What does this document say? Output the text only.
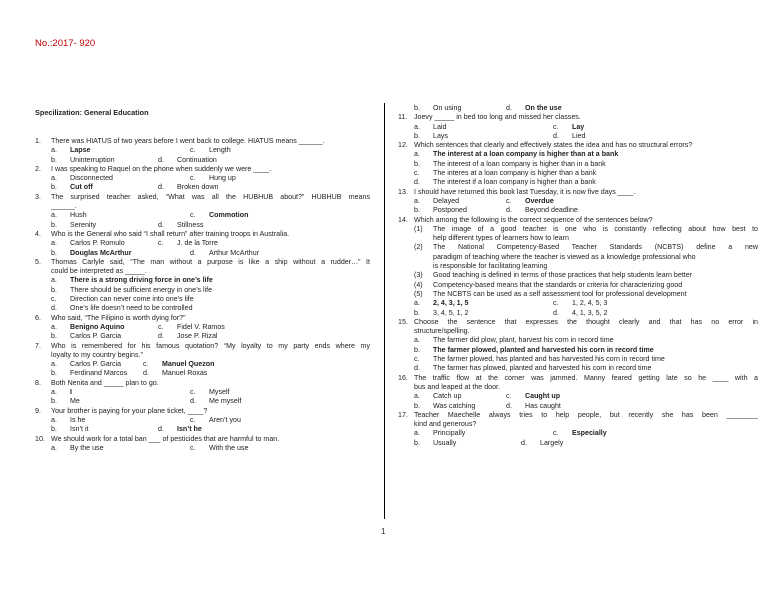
No.:2017- 920
Specilization: General Education
1.	There was HIATUS of two years before I went back to college. HIATUS means ______.
a.	Lapse	c.	Length
b.	Uninterruption	d.	Continuation
2.	I was speaking to Raquel on the phone when suddenly we were ____.
a.	Disconnected	c.	Hung up
b.	Cut off	d.	Broken down
3.	The surprised teacher asked, “What was all the HUBHUB about?” HUBHUB means
______.
a.	Hush	c.	Commotion
b.	Serenity	d.	Stillness
4.	Who is the General who said “I shall return” after training troops in Australia.
a.	Carlos P. Romulo	c.	J. de la Torre
b.	Douglas McArthur	d.	Arthur McArthur
5.	Thomas Carlyle said, “The man without a purpose is like a ship without a rudder…” It
could be interpreted as _____.
a.	There is a strong driving force in one’s life
b.	There should be sufficient energy in one’s life
c.	Direction can never come into one’s life
d.	One’s life doesn’t need to be controlled
6.	Who said, “The Filipino is worth dying for?”
a.	Benigno Aquino	c.	Fidel V. Ramos
b.	Carlos P. Garcia	d.	Jose P. Rizal
7.	Who is remembered for his famous quotation? “My loyalty to my party ends where my
loyalty to my country begins.”
a.	Carlos P. Garcia	c.	Manuel Quezon
b.	Ferdinand Marcos d.	Manuel Roxas
8.	Both Nenita and _____ plan to go.
a.	I	c.	Myself
b.	Me	d.	Me myself
9.	Your brother is paying for your plane ticket, ____?
a.	Is he	c.	Aren’t you
b.	Isn’t it	d.	Isn’t he
10. We should work for a total ban ___ of pesticides that are harmful to man.
a.	By the use	c.	With the use
b.	On using	d.	On the use
11. Joevy _____ in bed too long and missed her classes.
a.	Laid	c.	Lay
b.	Lays	d.	Lied
12. Which sentences that clearly and effectively states the idea and has no structural errors?
a.	The interest at a loan company is higher than at a bank
b.	The interest of a loan company is higher than in a bank
c.	The interes at a loan company is higher than a bank
d.	The interest if a loan company is higher than a bank
13. I should have returned this book last Tuesday, it is now five days ____.
a.	Delayed	c.	Overdue
b.	Postponed	d.	Beyond deadline
14. Which among the following is the correct sequence of the sentences below?
(1)	The image of a good teacher is one who is constantly reflecting about how best to
help different types of learners how to learn
(2)	The National Competency-Based Teacher Standards (NCBTS) define a new
paradigm of teaching where the teacher is viewed as a knowledge professional who
is responsible for facilitating learning
(3)	Good teaching is defined in terms of those practices that help students learn better
(4)	Competency-based means that the standards or criteria for characterizing good
(5)	The NCBTS can be used as a self assessment tool for professional development
a.	2, 4, 3, 1, 5	c.	1, 2, 4, 5, 3
b.	3, 4, 5, 1, 2	d.	4, 1, 3, 5, 2
15. Choose the sentence that expresses the thought clearly and that has no error in
structure/spelling.
a.	The farmer did plow, plant, harvest his corn in record time
b.	The farmer plowed, planted and harvested his corn in record time
c.	The farmer plowed, has planted and has harvested his corn in record time
d.	The farmer has plowed, planted and harvested his corn in record time
16. The traffic flow at the corner was jammed. Manny feared getting late so he ____ with a
bus and leaped at the door.
a.	Catch up	c.	Caught up
b.	Was catching	d.	Has caught
17. Teacher Maechelle always tries to help people, but recently she has been ________
kind and generous?
a.	Principally	c.	Especially
b.	Usually	d.	Largely
1
